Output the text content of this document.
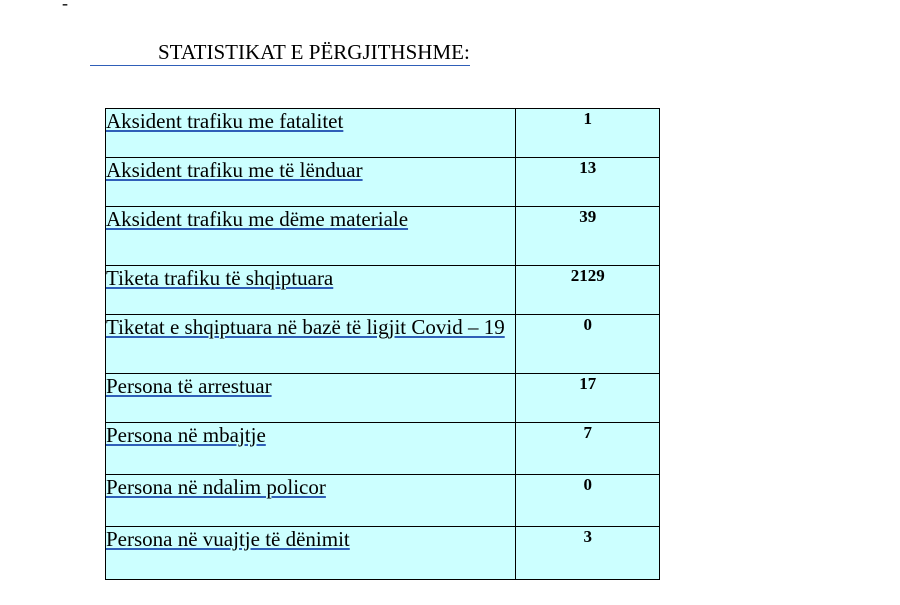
-
STATISTIKAT E PËRGJITHSHME:
Aksident trafiku me fatalitet	1
Aksident trafiku me të lënduar	13
Aksident trafiku me dëme materiale	39
Tiketa trafiku të shqiptuara	2129
Tiketat e shqiptuara në bazë të ligjit Covid – 19	0
Persona të arrestuar	17
Persona në mbajtje	7
Persona në ndalim policor	0
Persona në vuajtje të dënimit	3
